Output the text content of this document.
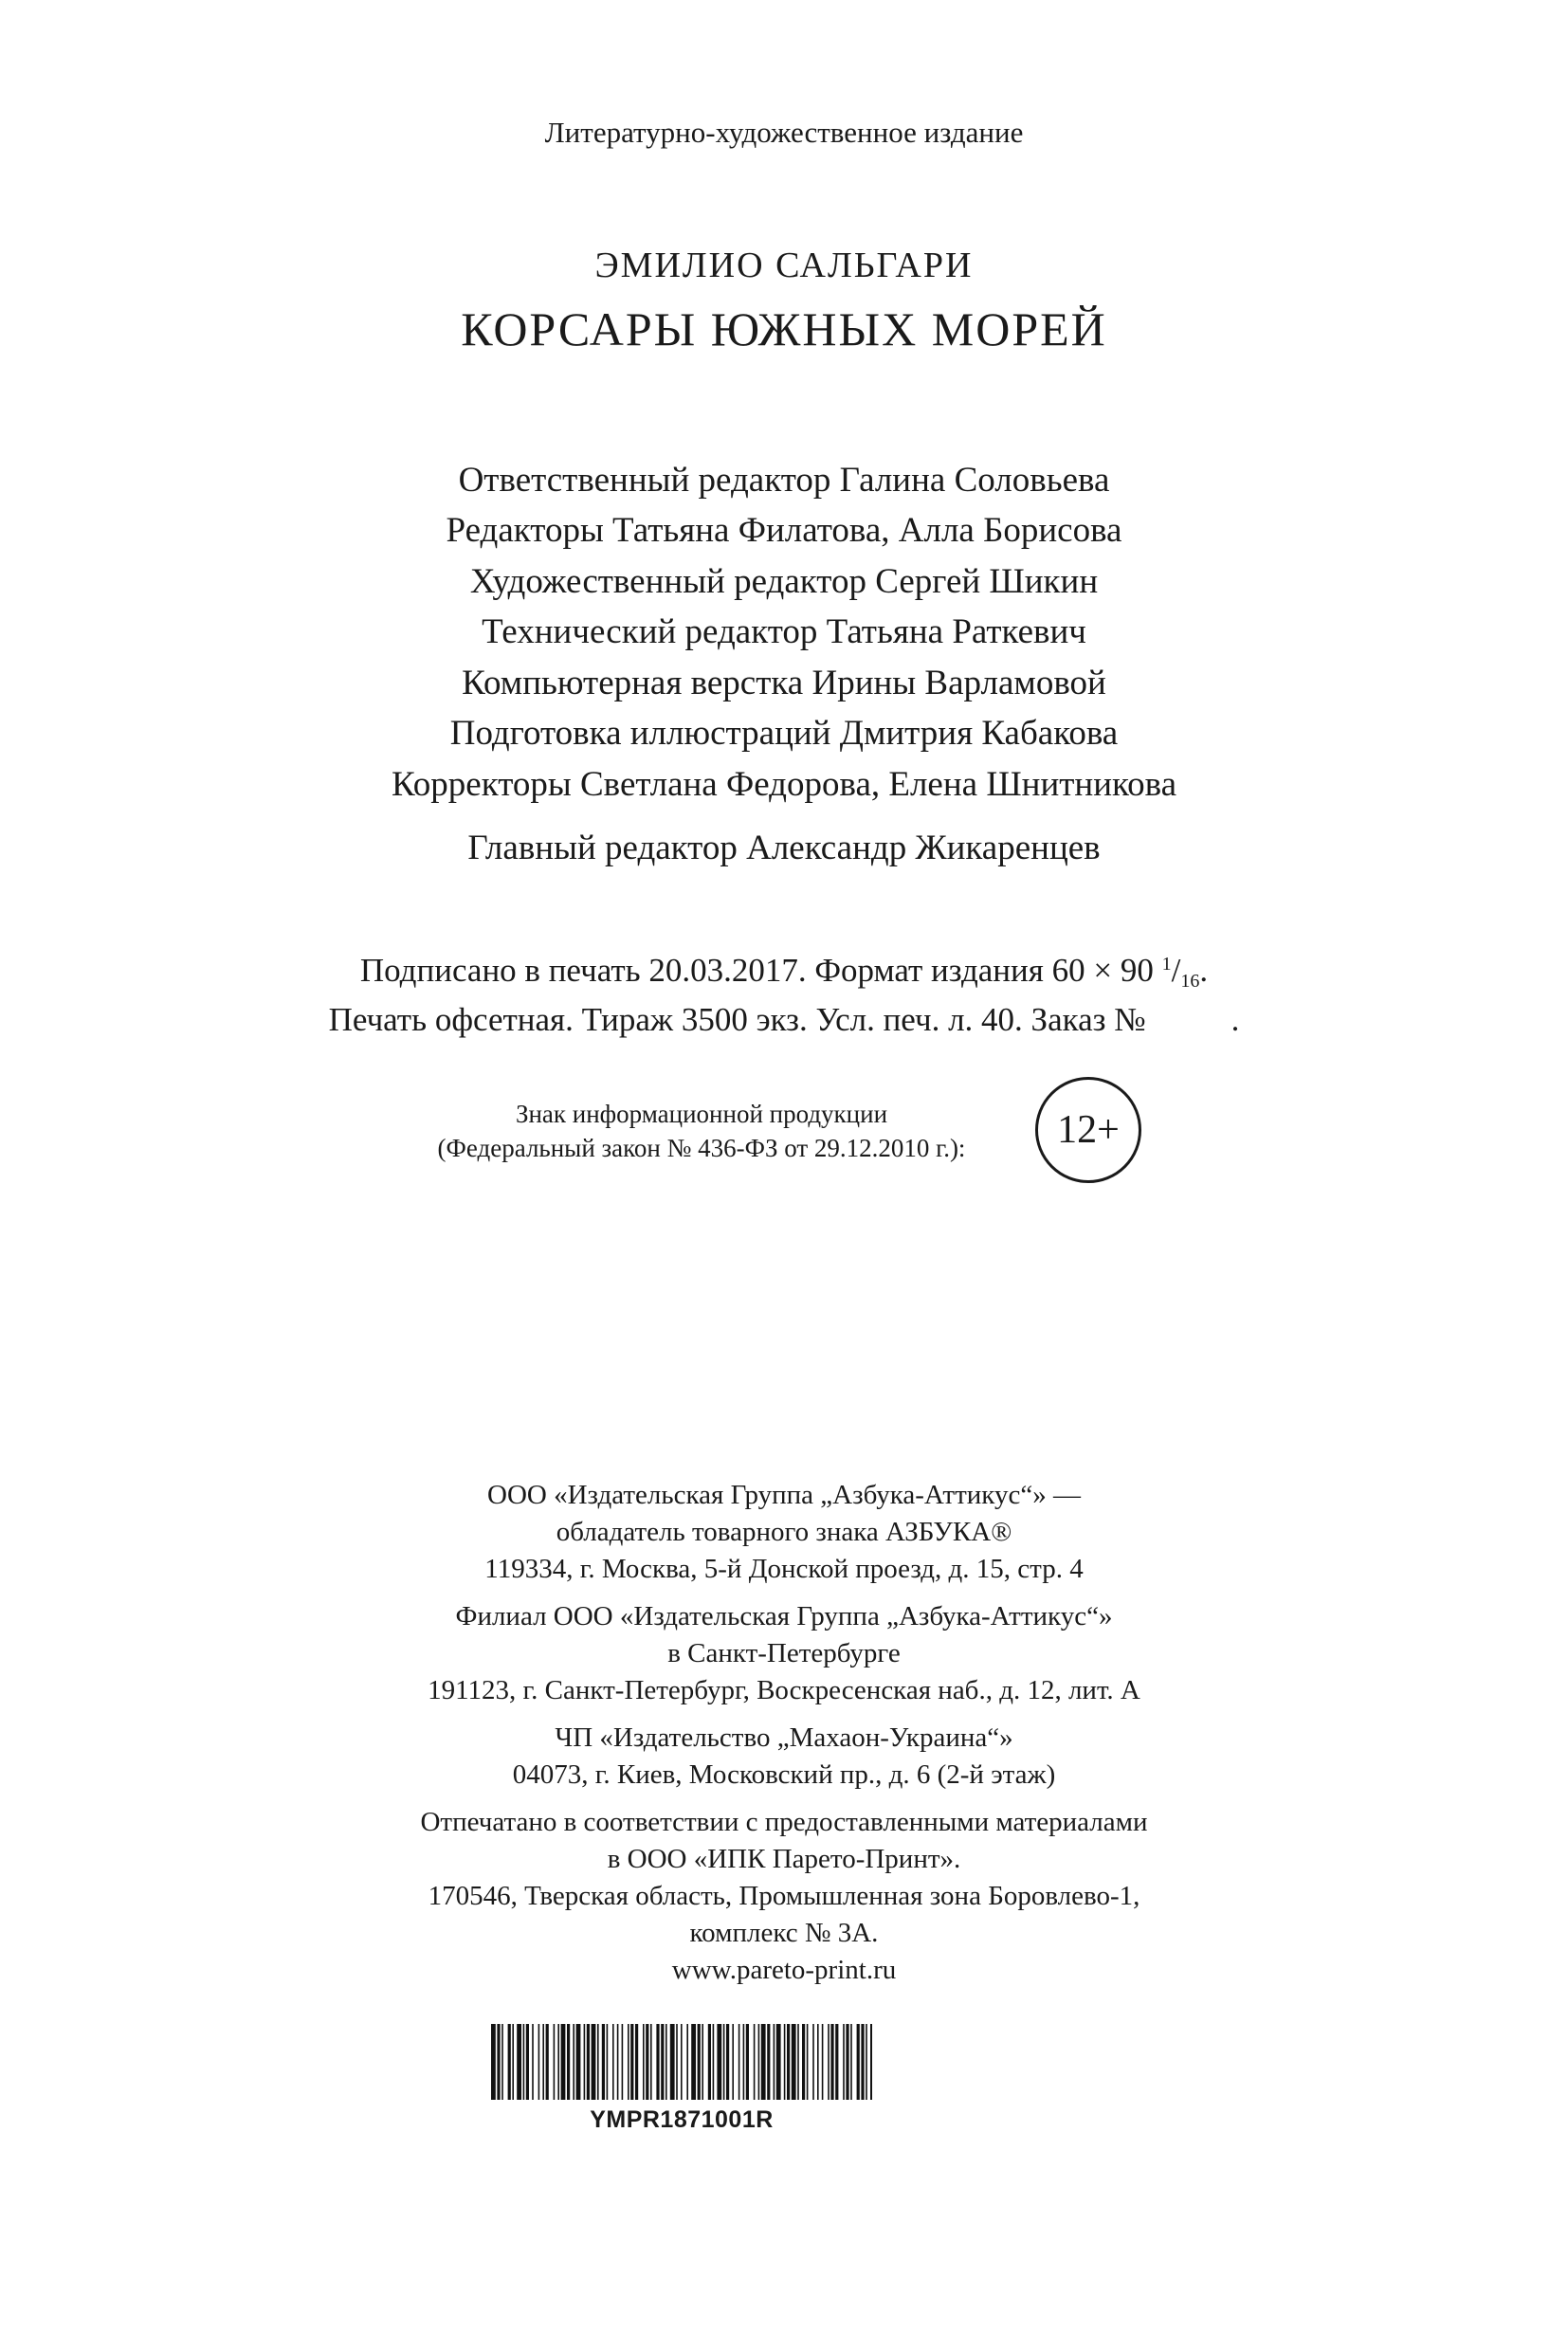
Литературно-художественное издание
ЭМИЛИО САЛЬГАРИ
КОРСАРЫ ЮЖНЫХ МОРЕЙ
Ответственный редактор Галина Соловьева
Редакторы Татьяна Филатова, Алла Борисова
Художественный редактор Сергей Шикин
Технический редактор Татьяна Раткевич
Компьютерная верстка Ирины Варламовой
Подготовка иллюстраций Дмитрия Кабакова
Корректоры Светлана Федорова, Елена Шнитникова
Главный редактор Александр Жикаренцев
Подписано в печать 20.03.2017. Формат издания 60 × 90 $^1$/16.
Печать офсетная. Тираж 3500 экз. Усл. печ. л. 40. Заказ №	.
Знак информационной продукции
(Федеральный закон № 436-ФЗ от 29.12.2010 г.):	12+
ООО «Издательская Группа „Азбука-Аттикус“» —
обладатель товарного знака АЗБУКА®
119334, г. Москва, 5-й Донской проезд, д. 15, стр. 4
Филиал ООО «Издательская Группа „Азбука-Аттикус“»
в Санкт-Петербурге
191123, г. Санкт-Петербург, Воскресенская наб., д. 12, лит. А
ЧП «Издательство „Махаон-Украина“»
04073, г. Киев, Московский пр., д. 6 (2-й этаж)
Отпечатано в соответствии с предоставленными материалами
в ООО «ИПК Парето-Принт».
170546, Тверская область, Промышленная зона Боровлево-1,
комплекс № 3А.
www.pareto-print.ru
YMPR1871001R
